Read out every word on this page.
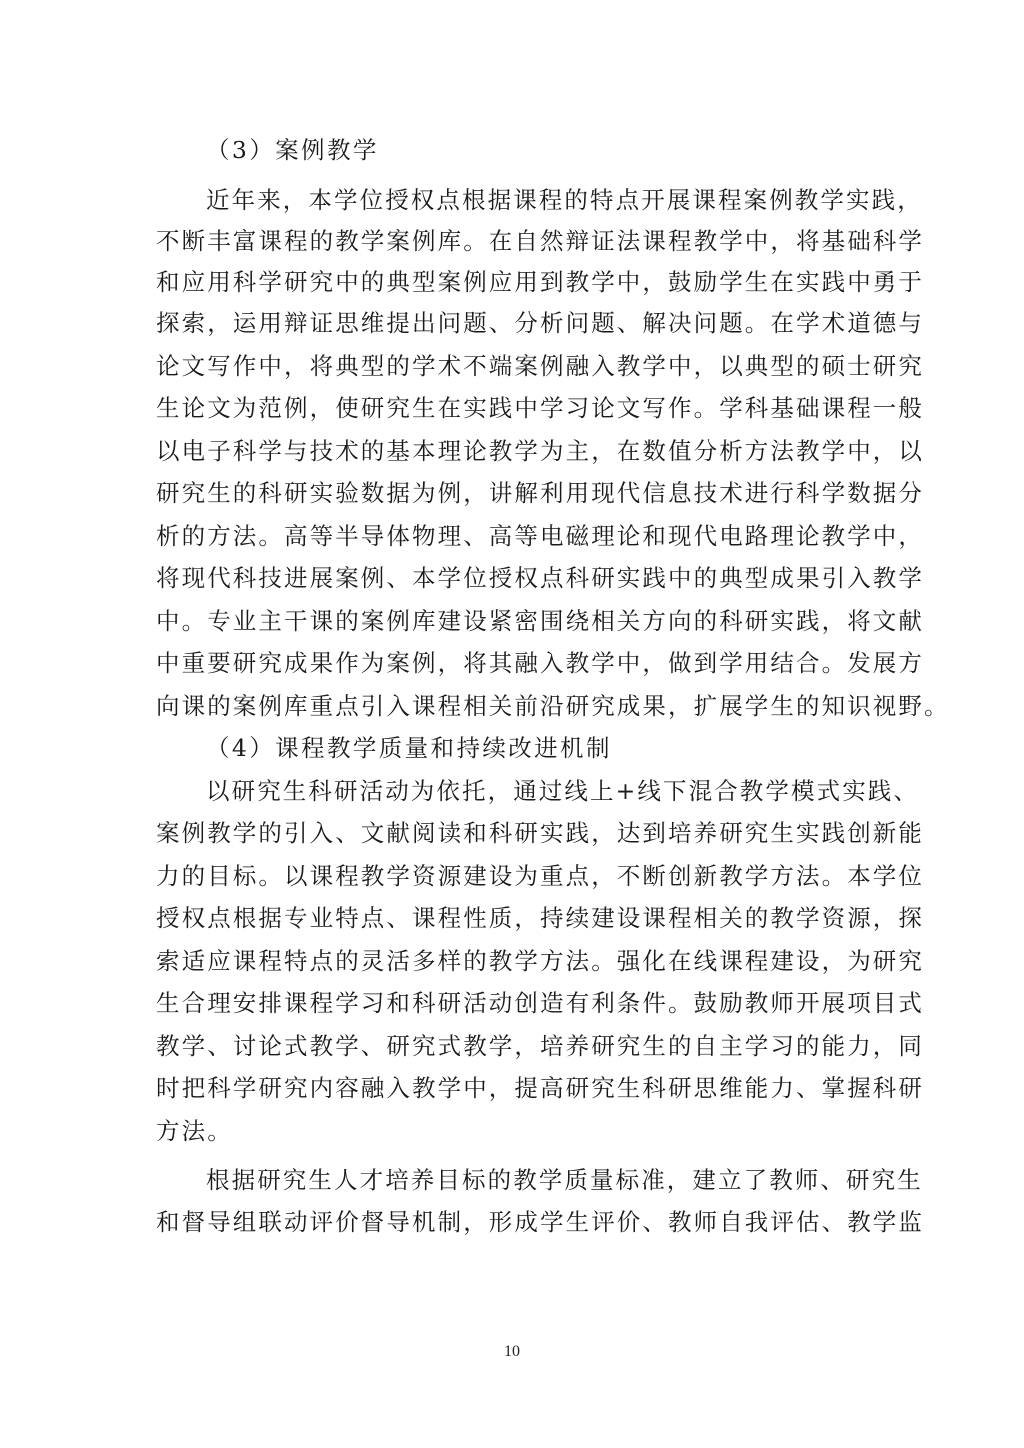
（3）案例教学
近年来，本学位授权点根据课程的特点开展课程案例教学实践，
不断丰富课程的教学案例库。在自然辩证法课程教学中，将基础科学
和应用科学研究中的典型案例应用到教学中，鼓励学生在实践中勇于
探索，运用辩证思维提出问题、分析问题、解决问题。在学术道德与
论文写作中，将典型的学术不端案例融入教学中，以典型的硕士研究
生论文为范例，使研究生在实践中学习论文写作。学科基础课程一般
以电子科学与技术的基本理论教学为主，在数值分析方法教学中，以
研究生的科研实验数据为例，讲解利用现代信息技术进行科学数据分
析的方法。高等半导体物理、高等电磁理论和现代电路理论教学中，
将现代科技进展案例、本学位授权点科研实践中的典型成果引入教学
中。专业主干课的案例库建设紧密围绕相关方向的科研实践，将文献
中重要研究成果作为案例，将其融入教学中，做到学用结合。发展方
向课的案例库重点引入课程相关前沿研究成果，扩展学生的知识视野。
（4）课程教学质量和持续改进机制
以研究生科研活动为依托，通过线上+线下混合教学模式实践、
案例教学的引入、文献阅读和科研实践，达到培养研究生实践创新能
力的目标。以课程教学资源建设为重点，不断创新教学方法。本学位
授权点根据专业特点、课程性质，持续建设课程相关的教学资源，探
索适应课程特点的灵活多样的教学方法。强化在线课程建设，为研究
生合理安排课程学习和科研活动创造有利条件。鼓励教师开展项目式
教学、讨论式教学、研究式教学，培养研究生的自主学习的能力，同
时把科学研究内容融入教学中，提高研究生科研思维能力、掌握科研
方法。
根据研究生人才培养目标的教学质量标准，建立了教师、研究生
和督导组联动评价督导机制，形成学生评价、教师自我评估、教学监
10
